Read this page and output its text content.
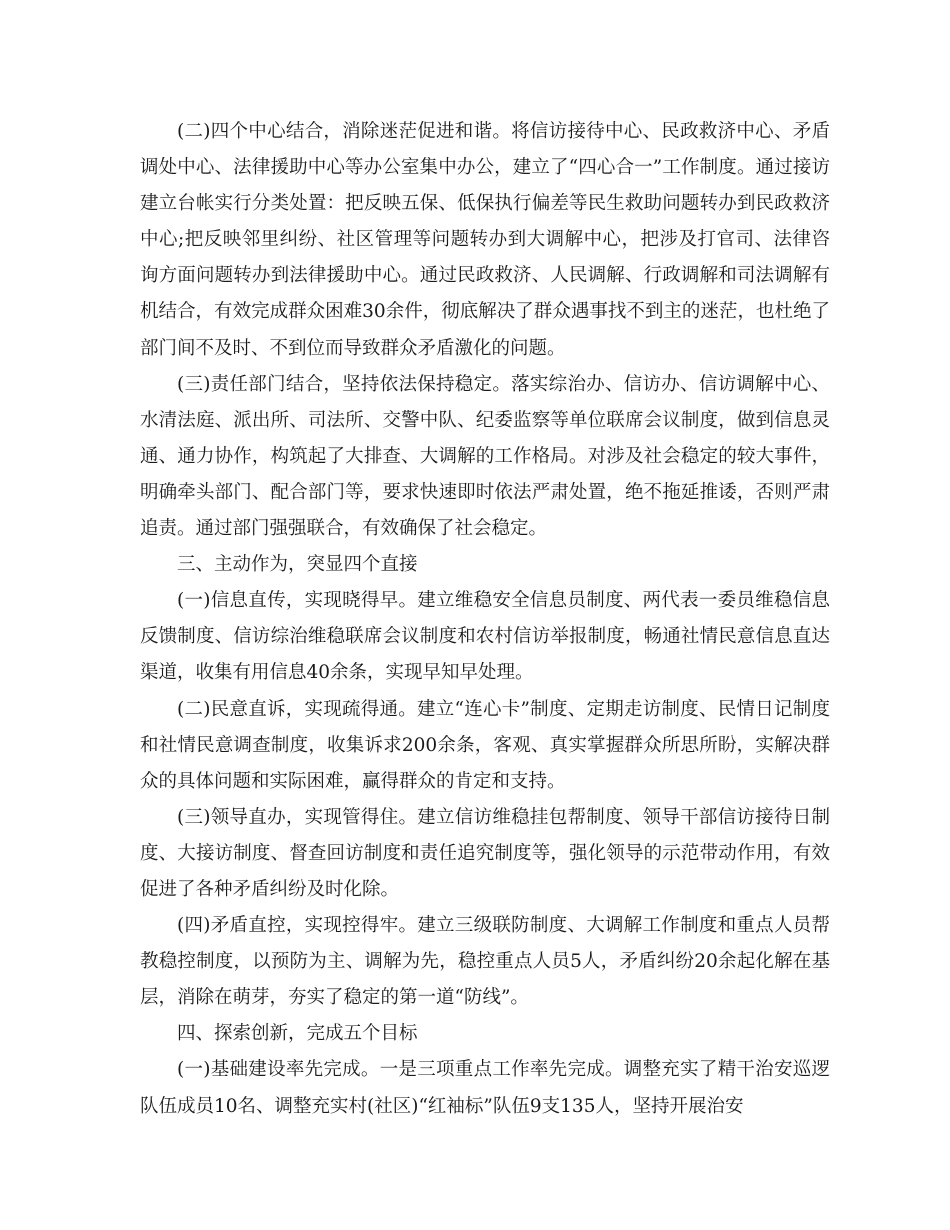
(二)四个中心结合，消除迷茫促进和谐。将信访接待中心、民政救济中心、矛盾调处中心、法律援助中心等办公室集中办公，建立了“四心合一”工作制度。通过接访建立台帐实行分类处置：把反映五保、低保执行偏差等民生救助问题转办到民政救济中心;把反映邻里纠纷、社区管理等问题转办到大调解中心，把涉及打官司、法律咨询方面问题转办到法律援助中心。通过民政救济、人民调解、行政调解和司法调解有机结合，有效完成群众困难30余件，彻底解决了群众遇事找不到主的迷茫，也杜绝了部门间不及时、不到位而导致群众矛盾激化的问题。

(三)责任部门结合，坚持依法保持稳定。落实综治办、信访办、信访调解中心、水清法庭、派出所、司法所、交警中队、纪委监察等单位联席会议制度，做到信息灵通、通力协作，构筑起了大排查、大调解的工作格局。对涉及社会稳定的较大事件，明确牵头部门、配合部门等，要求快速即时依法严肃处置，绝不拖延推诿，否则严肃追责。通过部门强强联合，有效确保了社会稳定。

三、主动作为，突显四个直接

(一)信息直传，实现晓得早。建立维稳安全信息员制度、两代表一委员维稳信息反馈制度、信访综治维稳联席会议制度和农村信访举报制度，畅通社情民意信息直达渠道，收集有用信息40余条，实现早知早处理。

(二)民意直诉，实现疏得通。建立“连心卡”制度、定期走访制度、民情日记制度和社情民意调查制度，收集诉求200余条，客观、真实掌握群众所思所盼，实解决群众的具体问题和实际困难，赢得群众的肯定和支持。

(三)领导直办，实现管得住。建立信访维稳挂包帮制度、领导干部信访接待日制度、大接访制度、督查回访制度和责任追究制度等，强化领导的示范带动作用，有效促进了各种矛盾纠纷及时化除。

(四)矛盾直控，实现控得牢。建立三级联防制度、大调解工作制度和重点人员帮教稳控制度，以预防为主、调解为先，稳控重点人员5人，矛盾纠纷20余起化解在基层，消除在萌芽，夯实了稳定的第一道“防线”。

四、探索创新，完成五个目标

(一)基础建设率先完成。一是三项重点工作率先完成。调整充实了精干治安巡逻队伍成员10名、调整充实村(社区)“红袖标”队伍9支135人，坚持开展治安
